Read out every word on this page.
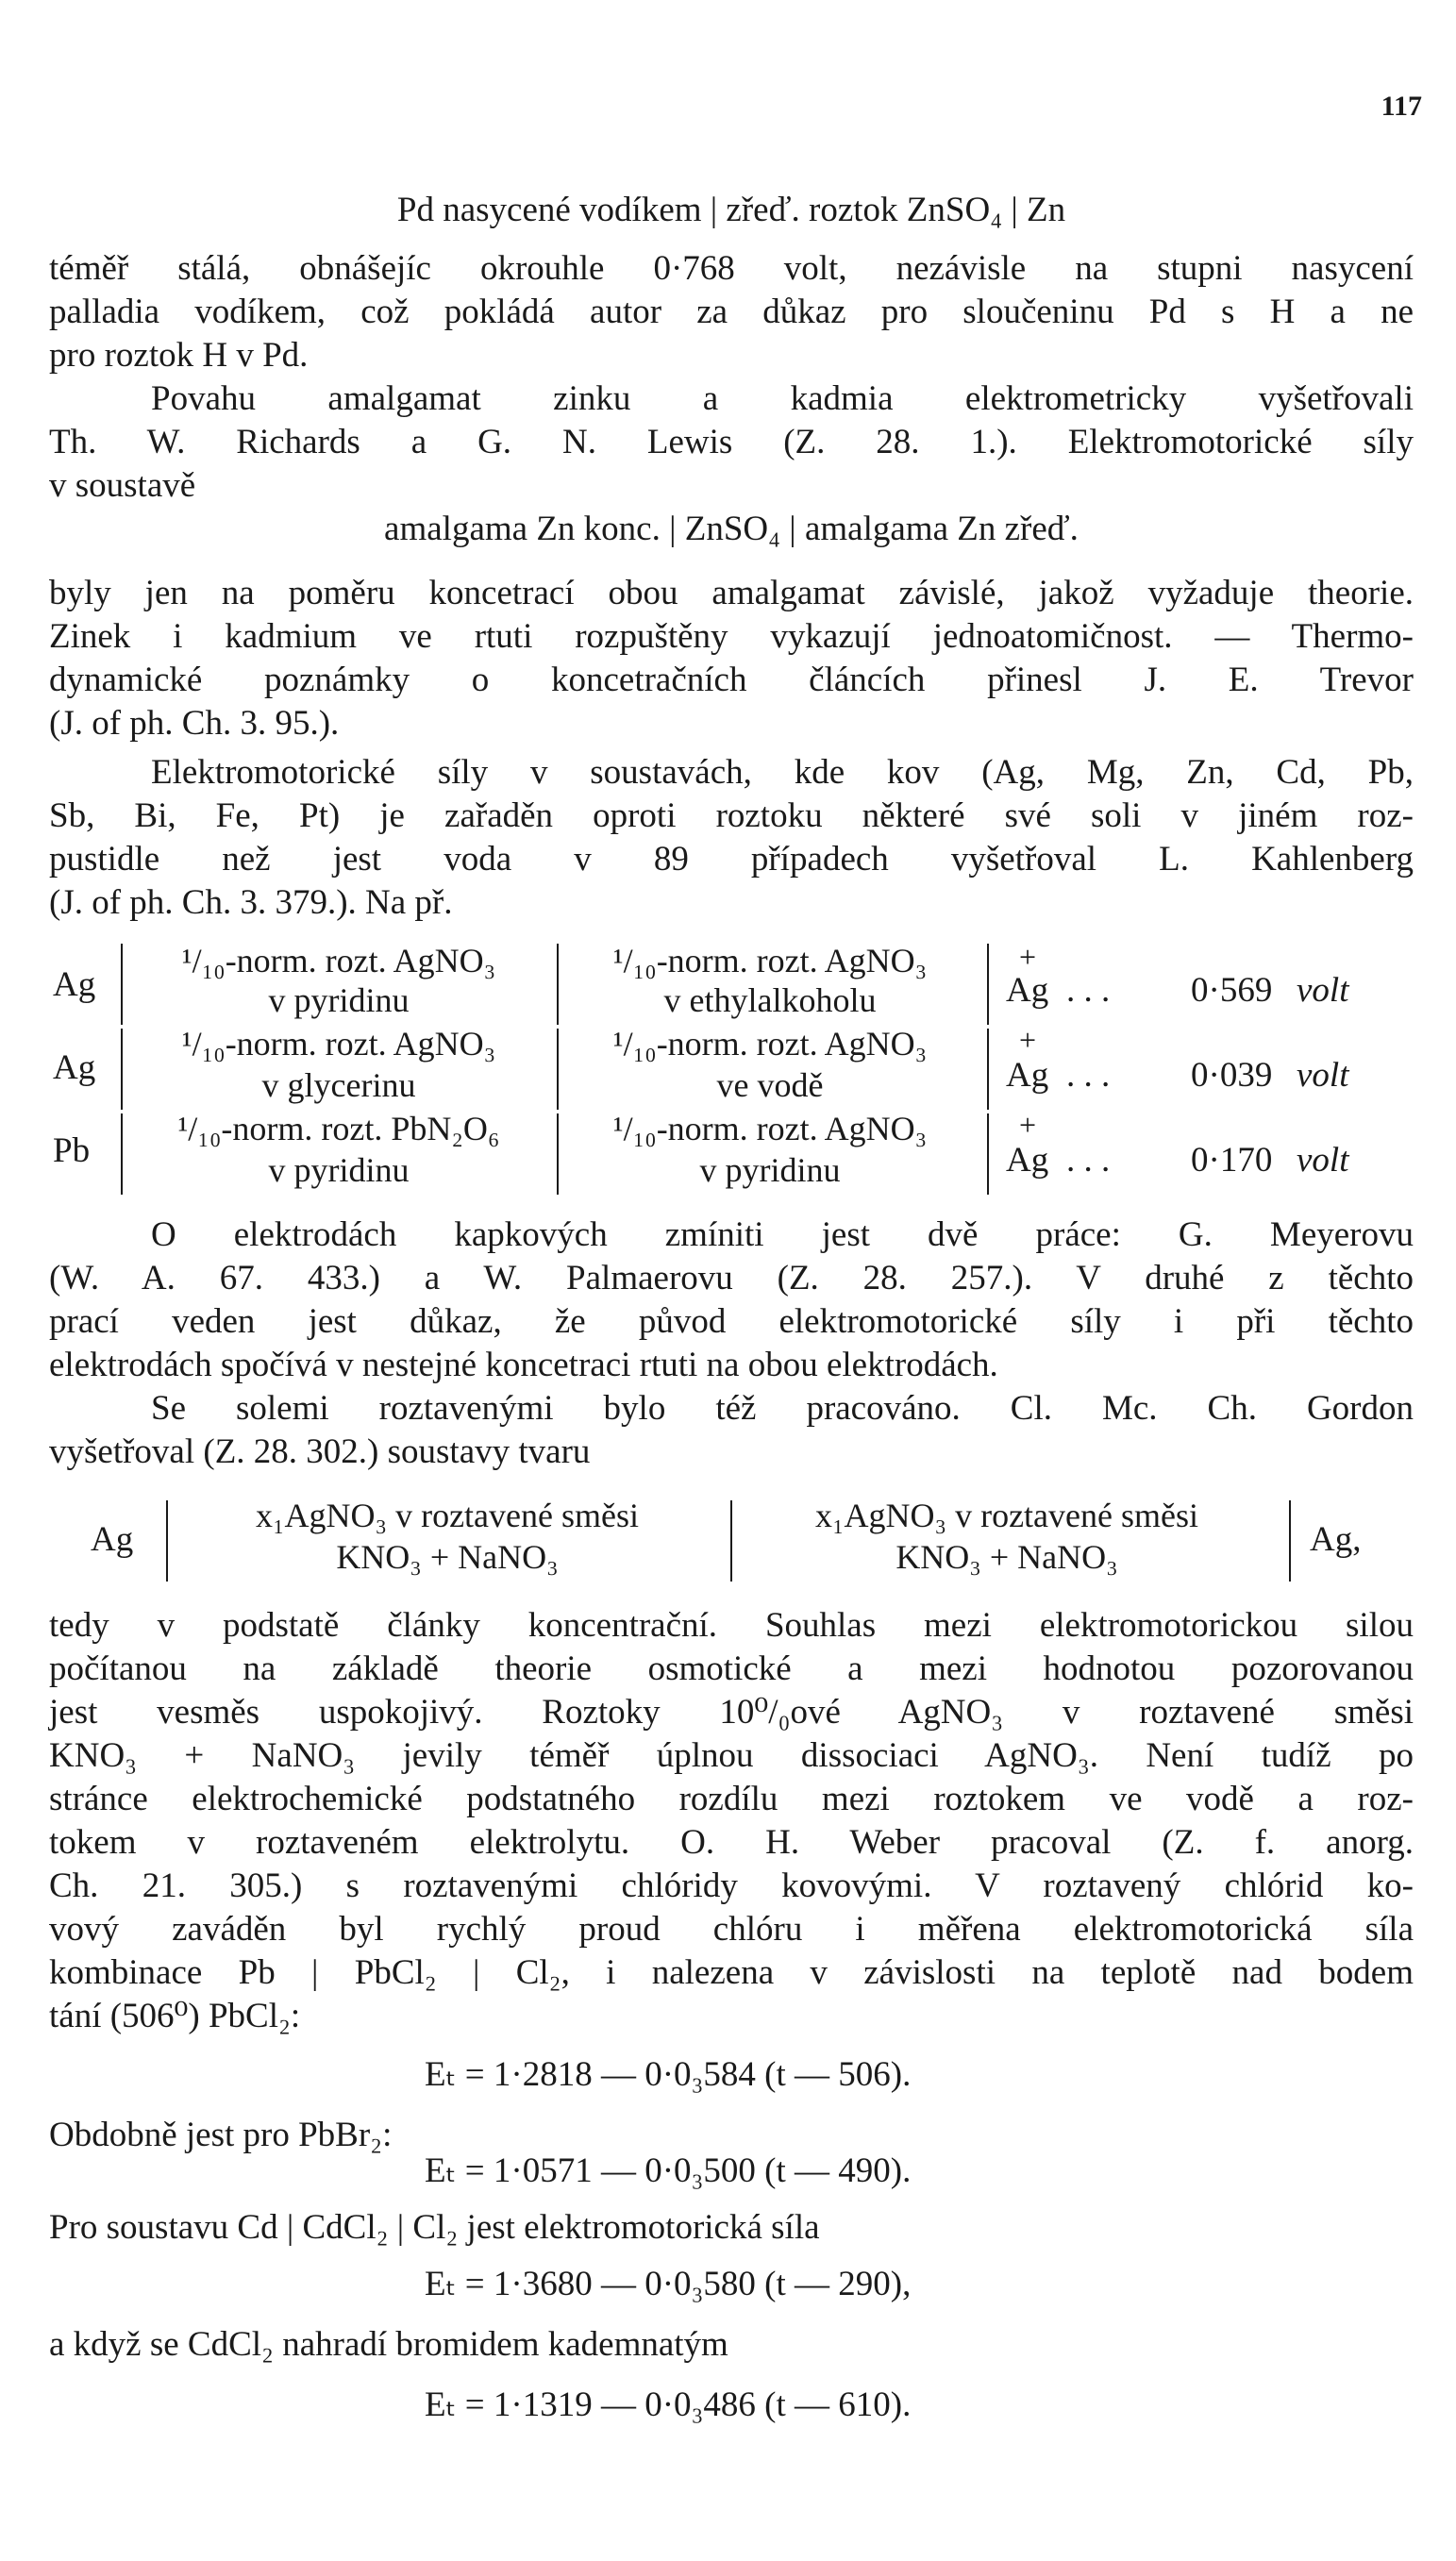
117
Pd nasycené vodíkem | zřeď. roztok ZnSO₄ | Zn
téměř stálá, obnášejíc okrouhle 0·768 volt, nezávisle na stupni nasycení
palladia vodíkem, což pokládá autor za důkaz pro sloučeninu Pd s H a ne
pro roztok H v Pd.
Povahu amalgamat zinku a kadmia elektrometricky vyšetřovali
Th. W. Richards a G. N. Lewis (Z. 28. 1.). Elektromotorické síly
v soustavě
amalgama Zn konc. | ZnSO₄ | amalgama Zn zřeď.
byly jen na poměru koncetrací obou amalgamat závislé, jakož vyžaduje theorie.
Zinek i kadmium ve rtuti rozpuštěny vykazují jednoatomičnost. — Thermo-
dynamické poznámky o koncetračních článcích přinesl J. E. Trevor
(J. of ph. Ch. 3. 95.).
Elektromotorické síly v soustavách, kde kov (Ag, Mg, Zn, Cd, Pb,
Sb, Bi, Fe, Pt) je zařaděn oproti roztoku některé své soli v jiném roz-
pustidle než jest voda v 89 případech vyšetřoval L. Kahlenberg
(J. of ph. Ch. 3. 379.). Na př.
Ag
¹/₁₀-norm. rozt. AgNO₃
v pyridinu
¹/₁₀-norm. rozt. AgNO₃
v ethylalkoholu
+
Ag . . . 0·569 volt
Ag
¹/₁₀-norm. rozt. AgNO₃
v glycerinu
¹/₁₀-norm. rozt. AgNO₃
ve vodě
+
Ag . . . 0·039 volt
Pb
¹/₁₀-norm. rozt. PbN₂O₆
v pyridinu
¹/₁₀-norm. rozt. AgNO₃
v pyridinu
+
Ag . . . 0·170 volt
O elektrodách kapkových zmíniti jest dvě práce: G. Meyerovu
(W. A. 67. 433.) a W. Palmaerovu (Z. 28. 257.). V druhé z těchto
prací veden jest důkaz, že původ elektromotorické síly i při těchto
elektrodách spočívá v nestejné koncetraci rtuti na obou elektrodách.
Se solemi roztavenými bylo též pracováno. Cl. Mc. Ch. Gordon
vyšetřoval (Z. 28. 302.) soustavy tvaru
Ag
x₁AgNO₃ v roztavené směsi
KNO₃ + NaNO₃
x₁AgNO₃ v roztavené směsi
KNO₃ + NaNO₃	Ag,
tedy v podstatě články koncentrační. Souhlas mezi elektromotorickou silou
počítanou na základě theorie osmotické a mezi hodnotou pozorovanou
jest vesměs uspokojivý. Roztoky 10⁰/₀ové AgNO₃ v roztavené směsi
KNO₃ + NaNO₃ jevily téměř úplnou dissociaci AgNO₃. Není tudíž po
stránce elektrochemické podstatného rozdílu mezi roztokem ve vodě a roz-
tokem v roztaveném elektrolytu. O. H. Weber pracoval (Z. f. anorg.
Ch. 21. 305.) s roztavenými chlóridy kovovými. V roztavený chlórid ko-
vový zaváděn byl rychlý proud chlóru i měřena elektromotorická síla
kombinace Pb | PbCl₂ | Cl₂, i nalezena v závislosti na teplotě nad bodem
tání (506⁰) PbCl₂:
Eₜ = 1·2818 — 0·0₃584 (t — 506).
Obdobně jest pro PbBr₂:
Eₜ = 1·0571 — 0·0₃500 (t — 490).
Pro soustavu Cd | CdCl₂ | Cl₂ jest elektromotorická síla
Eₜ = 1·3680 — 0·0₃580 (t — 290),
a když se CdCl₂ nahradí bromidem kademnatým
Eₜ = 1·1319 — 0·0₃486 (t — 610).
